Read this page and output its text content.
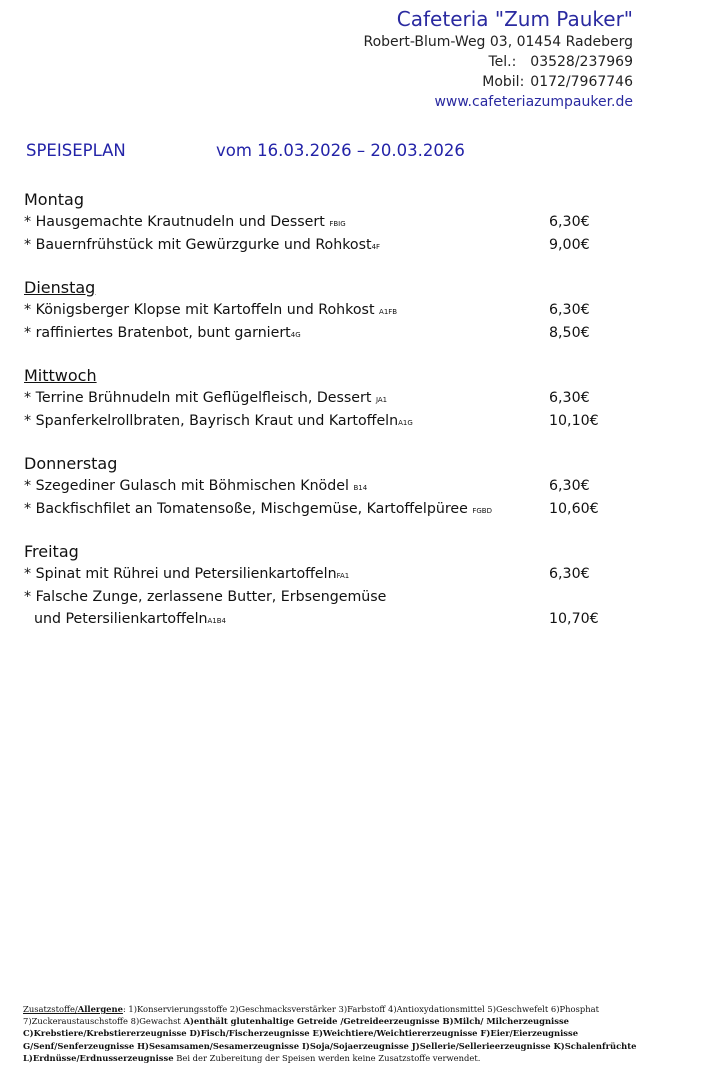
Cafeteria "Zum Pauker"
Robert-Blum-Weg 03, 01454 Radeberg
Tel.: 03528/237969
Mobil: 0172/7967746
www.cafeteriazumpauker.de
SPEISEPLAN	vom 16.03.2026 – 20.03.2026
Montag
* Hausgemachte Krautnudeln und Dessert FBIG	6,30€
* Bauernfrühstück mit Gewürzgurke und Rohkost4F	9,00€
Dienstag
* Königsberger Klopse mit Kartoffeln und Rohkost A1FB	6,30€
* raffiniertes Bratenbot, bunt garniert4G	8,50€
Mittwoch
* Terrine Brühnudeln mit Geflügelfleisch, Dessert JA1	6,30€
* Spanferkelrollbraten, Bayrisch Kraut und KartoffelnA1G	10,10€
Donnerstag
* Szegediner Gulasch mit Böhmischen Knödel B14	6,30€
* Backfischfilet an Tomatensoße, Mischgemüse, Kartoffelpüree FGBD	10,60€
Freitag
* Spinat mit Rührei und PetersilienkartoffelnFA1	6,30€
* Falsche Zunge, zerlassene Butter, Erbsengemüse
und PetersilienkartoffelnA1B4	10,70€
Zusatzstoffe/Allergene: 1)Konservierungsstoffe 2)Geschmacksverstärker 3)Farbstoff 4)Antioxydationsmittel 5)Geschwefelt 6)Phosphat 7)Zuckeraustauschstoffe 8)Gewachst A)enthält glutenhaltige Getreide /Getreideerzeugnisse B)Milch/ Milcherzeugnisse C)Krebstiere/Krebstiererzeugnisse D)Fisch/Fischerzeugnisse E)Weichtiere/Weichtiererzeugnisse F)Eier/Eierzeugnisse G/Senf/Senferzeugnisse H)Sesamsamen/Sesamerzeugnisse I)Soja/Sojaerzeugnisse J)Sellerie/Sellerieerzeugnisse K)Schalenfrüchte L)Erdnüsse/Erdnusserzeugnisse Bei der Zubereitung der Speisen werden keine Zusatzstoffe verwendet.
